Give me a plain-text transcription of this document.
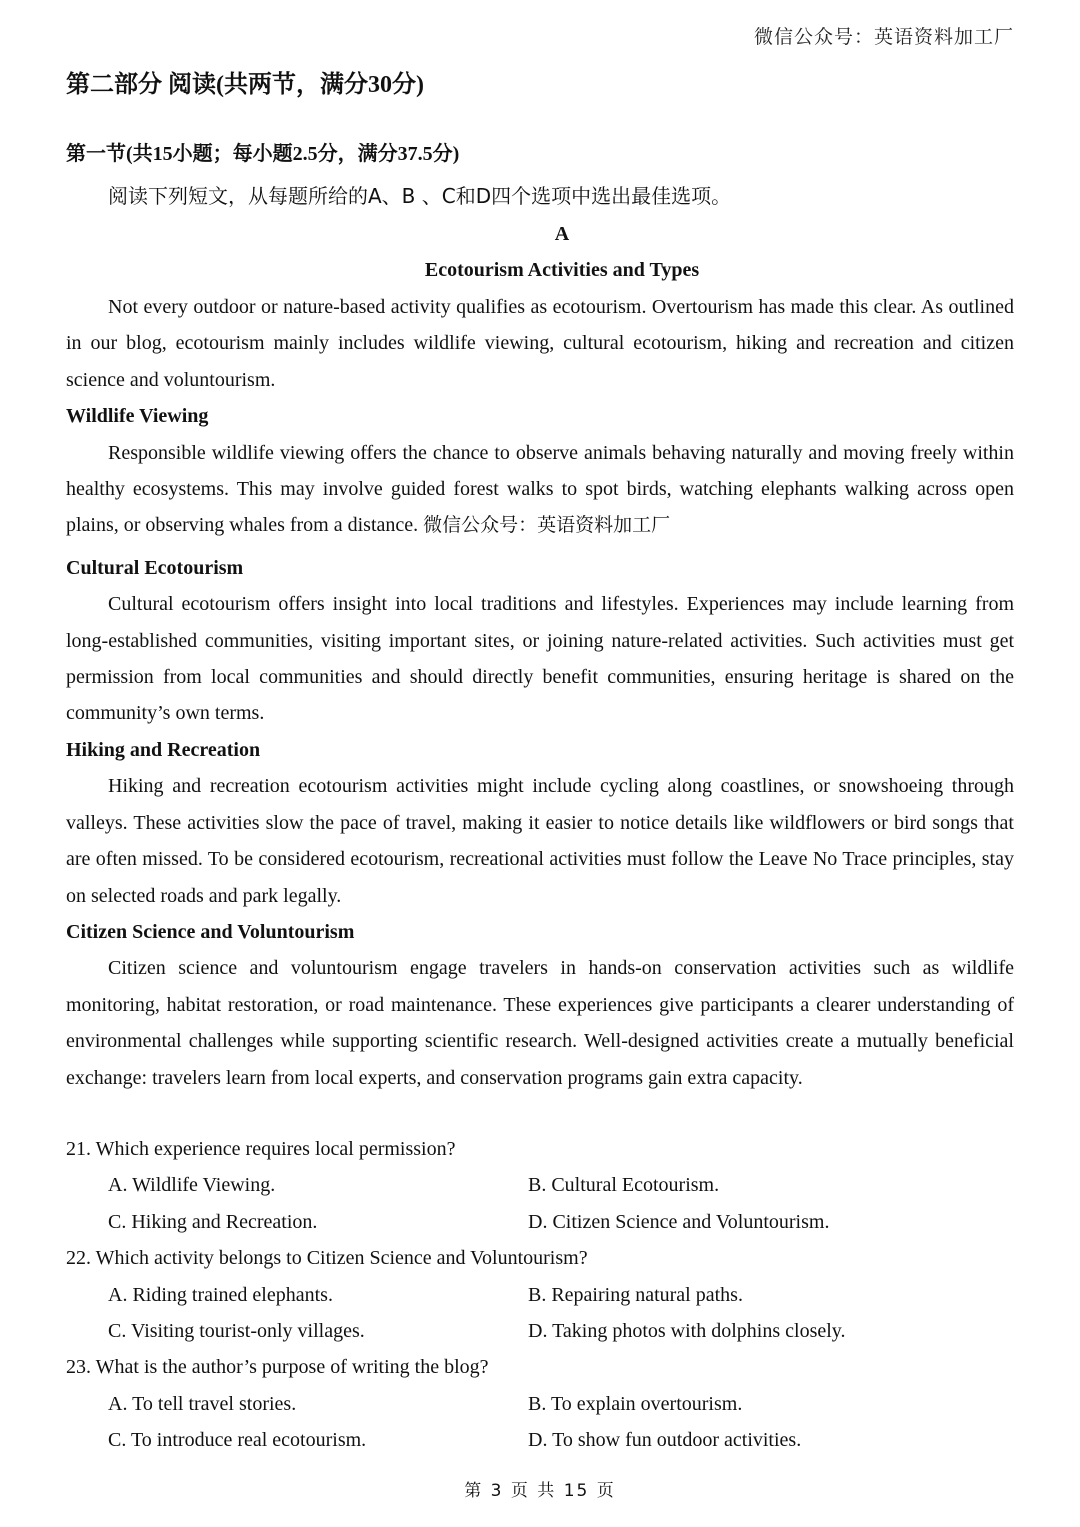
微信公众号：英语资料加工厂
第二部分 阅读(共两节，满分30分)
第一节(共15小题；每小题2.5分，满分37.5分)
阅读下列短文，从每题所给的A、B 、C和D四个选项中选出最佳选项。
A
Ecotourism Activities and Types

Not every outdoor or nature-based activity qualifies as ecotourism. Overtourism has made this clear. As outlined in our blog, ecotourism mainly includes wildlife viewing, cultural ecotourism, hiking and recreation and citizen science and voluntourism.

Wildlife Viewing

Responsible wildlife viewing offers the chance to observe animals behaving naturally and moving freely within healthy ecosystems. This may involve guided forest walks to spot birds, watching elephants walking across open plains, or observing whales from a distance. 微信公众号：英语资料加工厂

Cultural Ecotourism

Cultural ecotourism offers insight into local traditions and lifestyles. Experiences may include learning from long-established communities, visiting important sites, or joining nature-related activities. Such activities must get permission from local communities and should directly benefit communities, ensuring heritage is shared on the community’s own terms.

Hiking and Recreation

Hiking and recreation ecotourism activities might include cycling along coastlines, or snowshoeing through valleys. These activities slow the pace of travel, making it easier to notice details like wildflowers or bird songs that are often missed. To be considered ecotourism, recreational activities must follow the Leave No Trace principles, stay on selected roads and park legally.

Citizen Science and Voluntourism

Citizen science and voluntourism engage travelers in hands-on conservation activities such as wildlife monitoring, habitat restoration, or road maintenance. These experiences give participants a clearer understanding of environmental challenges while supporting scientific research. Well-designed activities create a mutually beneficial exchange: travelers learn from local experts, and conservation programs gain extra capacity.

21. Which experience requires local permission?

A. Wildlife Viewing.	B. Cultural Ecotourism.

C. Hiking and Recreation.	D. Citizen Science and Voluntourism.

22. Which activity belongs to Citizen Science and Voluntourism?

A. Riding trained elephants.	B. Repairing natural paths.

C. Visiting tourist-only villages.	D. Taking photos with dolphins closely.

23. What is the author’s purpose of writing the blog?

A. To tell travel stories.	B. To explain overtourism.

C. To introduce real ecotourism.	D. To show fun outdoor activities.

第 3 页 共 15 页
